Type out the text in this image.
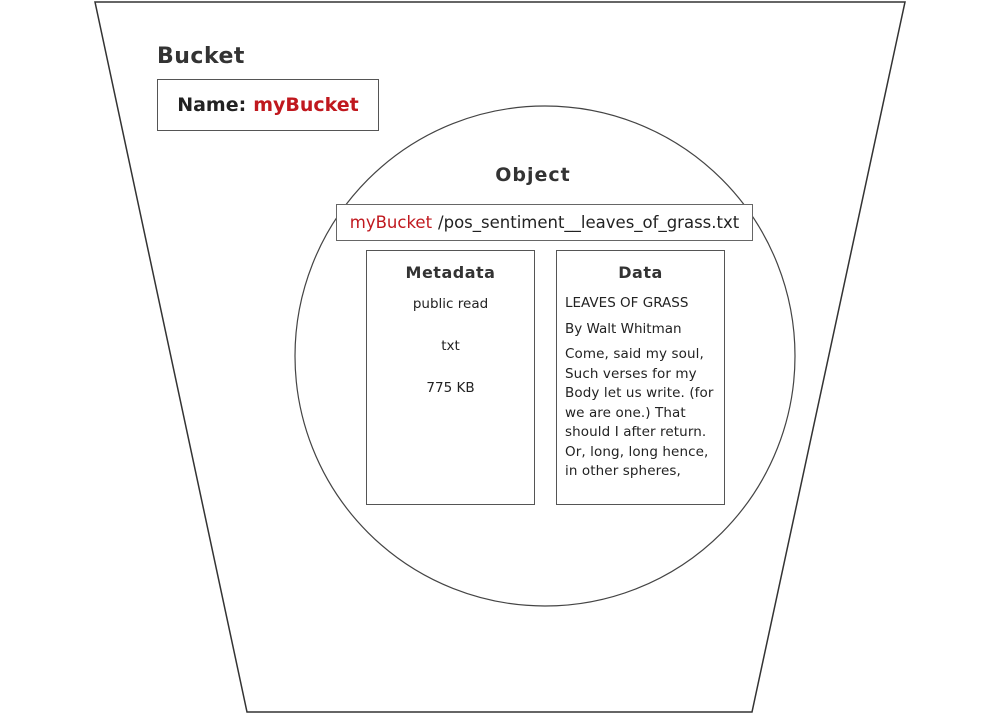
Bucket
Name: myBucket
Object
myBucket /pos_sentiment__leaves_of_grass.txt
Metadata
public read
txt
775 KB
Data
LEAVES OF GRASS
By Walt Whitman
Come, said my soul, Such verses for my Body let us write. (for we are one.) That should I after return. Or, long, long hence, in other spheres,
